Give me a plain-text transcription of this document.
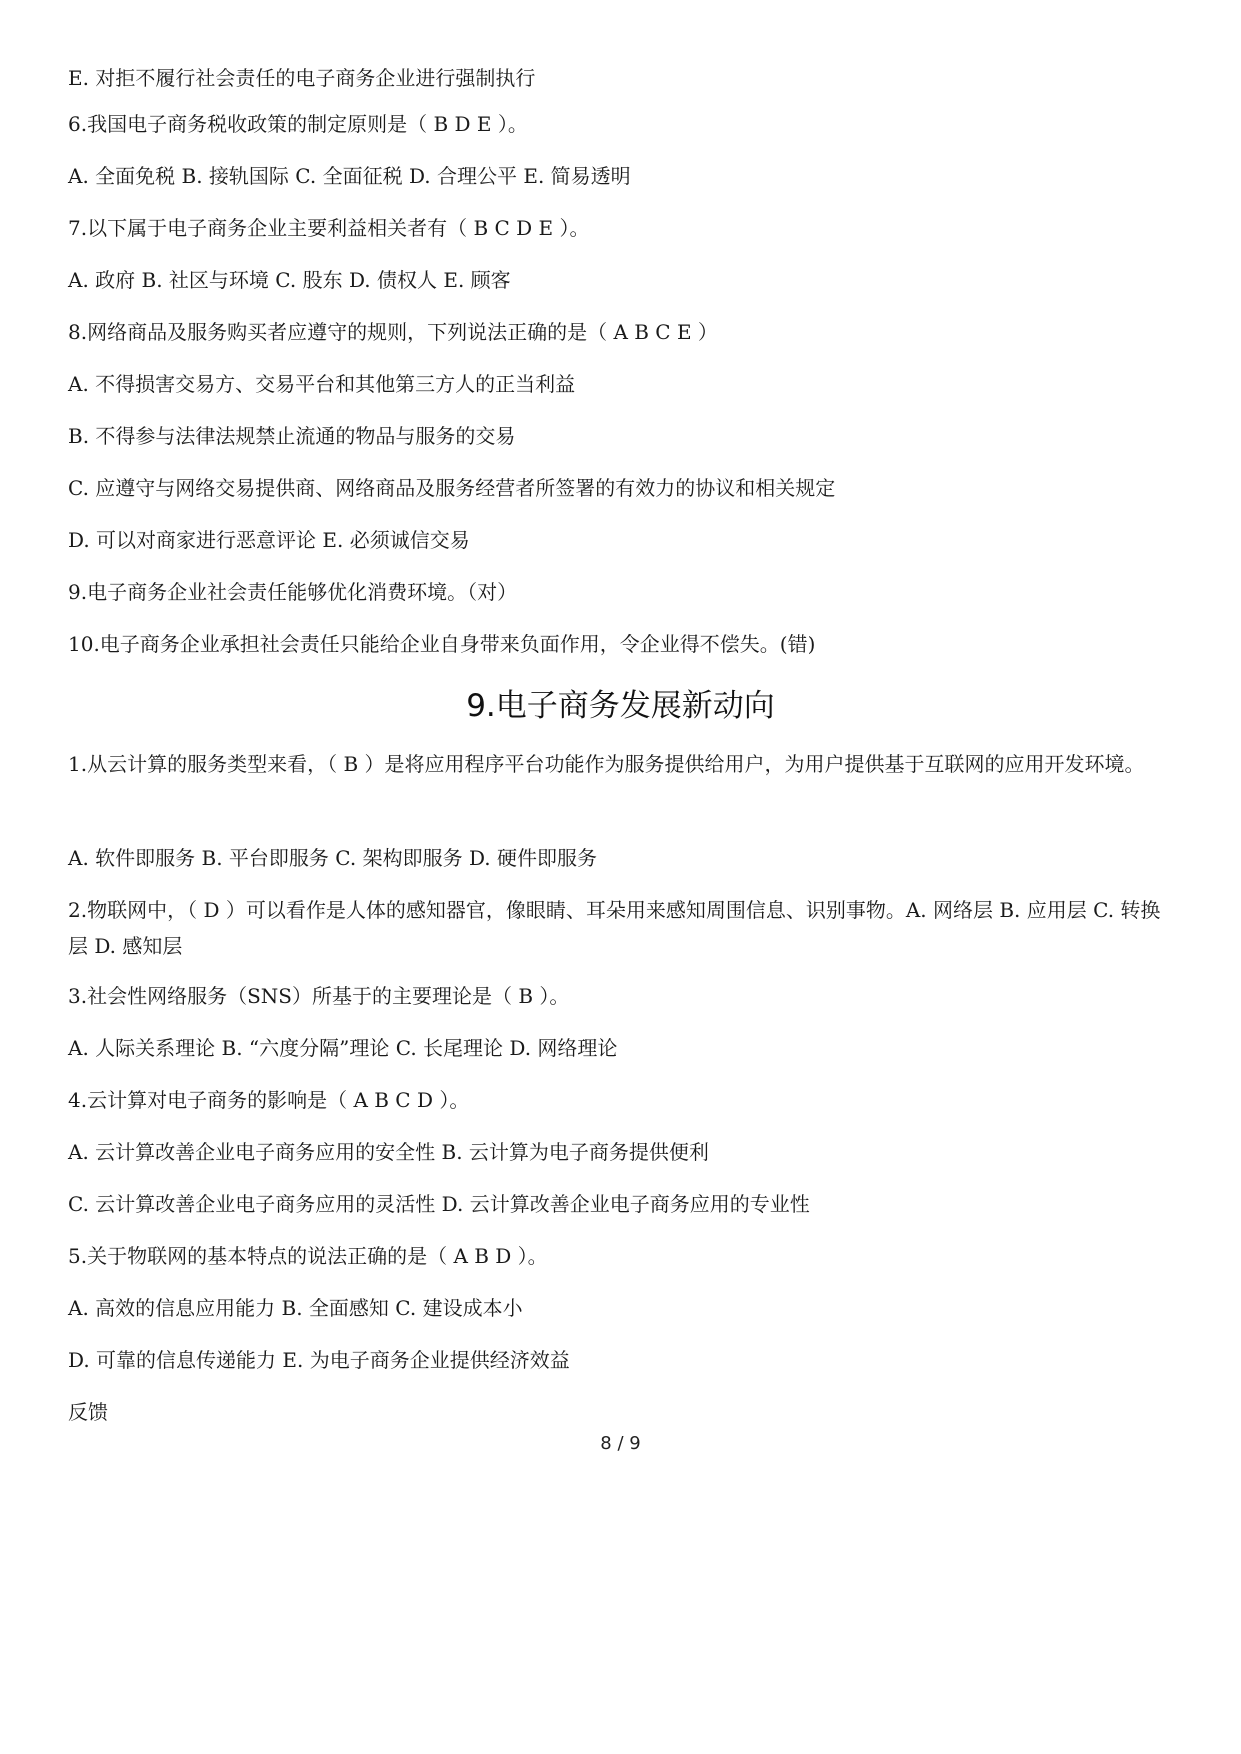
E. 对拒不履行社会责任的电子商务企业进行强制执行
6.我国电子商务税收政策的制定原则是（ B D E ）。
A. 全面免税 B. 接轨国际 C. 全面征税 D. 合理公平 E. 简易透明
7.以下属于电子商务企业主要利益相关者有（ B C D E ）。
A. 政府 B. 社区与环境 C. 股东 D. 债权人 E. 顾客
8.网络商品及服务购买者应遵守的规则，下列说法正确的是（ A B C E ）
A. 不得损害交易方、交易平台和其他第三方人的正当利益
B. 不得参与法律法规禁止流通的物品与服务的交易
C. 应遵守与网络交易提供商、网络商品及服务经营者所签署的有效力的协议和相关规定
D. 可以对商家进行恶意评论 E. 必须诚信交易
9.电子商务企业社会责任能够优化消费环境。（对）
10.电子商务企业承担社会责任只能给企业自身带来负面作用，令企业得不偿失。(错)
9.电子商务发展新动向
1.从云计算的服务类型来看，（ B ）是将应用程序平台功能作为服务提供给用户，为用户提供基于互联网的应用开发环境。
A. 软件即服务 B. 平台即服务 C. 架构即服务 D. 硬件即服务
2.物联网中，（ D ）可以看作是人体的感知器官，像眼睛、耳朵用来感知周围信息、识别事物。A. 网络层 B. 应用层 C. 转换层 D. 感知层
3.社会性网络服务（SNS）所基于的主要理论是（ B ）。
A. 人际关系理论 B. “六度分隔”理论 C. 长尾理论 D. 网络理论
4.云计算对电子商务的影响是（ A B C D ）。
A. 云计算改善企业电子商务应用的安全性 B. 云计算为电子商务提供便利
C. 云计算改善企业电子商务应用的灵活性 D. 云计算改善企业电子商务应用的专业性
5.关于物联网的基本特点的说法正确的是（ A B D ）。
A. 高效的信息应用能力 B. 全面感知 C. 建设成本小
D. 可靠的信息传递能力 E. 为电子商务企业提供经济效益
反馈
8 / 9
